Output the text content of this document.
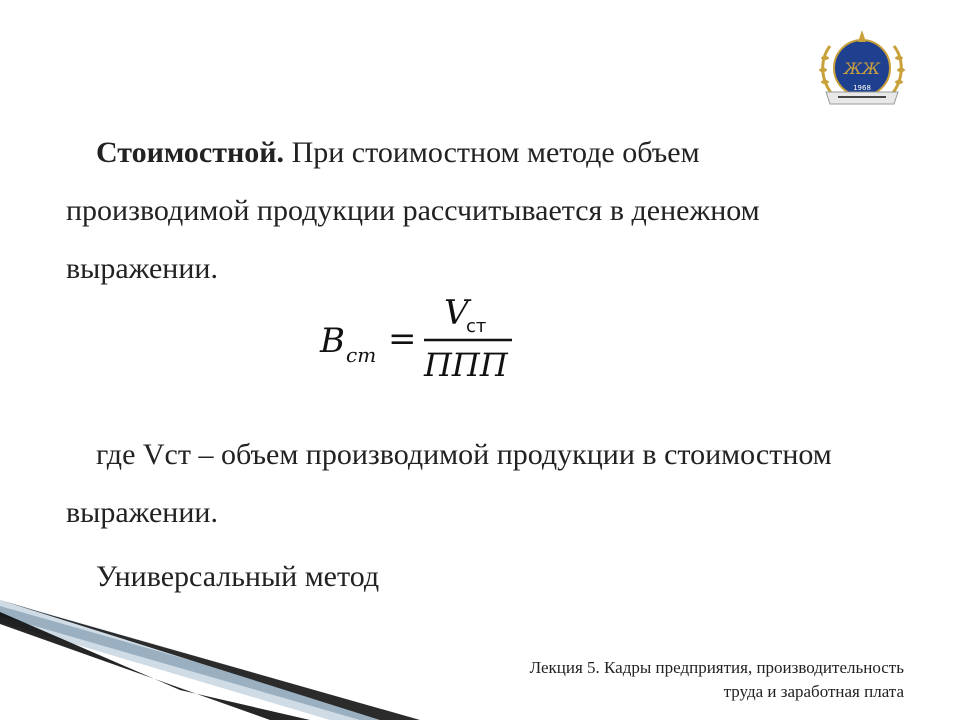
ЖЖ
1968

Стоимостной. При стоимостном методе объем производимой продукции рассчитывается в денежном выражении.

B ст =
V
ст
ППП

где Vст – объем производимой продукции в стоимостном выражении.

Универсальный метод

Лекция 5. Кадры предприятия, производительность
труда и заработная плата
